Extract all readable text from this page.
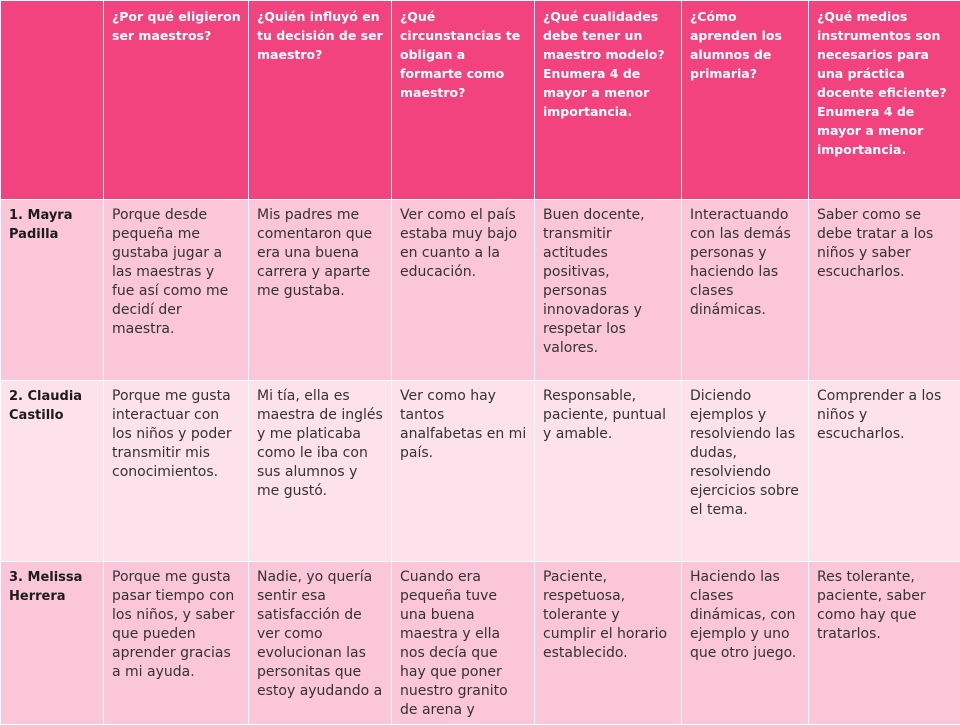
	¿Por qué eligieron ser maestros?	¿Quién influyó en tu decisión de ser maestro?	¿Qué circunstancias te obligan a formarte como maestro?	¿Qué cualidades debe tener un maestro modelo? Enumera 4 de mayor a menor importancia.	¿Cómo aprenden los alumnos de primaria?	¿Qué medios instrumentos son necesarios para una práctica docente eficiente? Enumera 4 de mayor a menor importancia.
1. Mayra Padilla	Porque desde pequeña me gustaba jugar a las maestras y fue así como me decidí der maestra.	Mis padres me comentaron que era una buena carrera y aparte me gustaba.	Ver como el país estaba muy bajo en cuanto a la educación.	Buen docente, transmitir actitudes positivas, personas innovadoras y respetar los valores.	Interactuando con las demás personas y haciendo las clases dinámicas.	Saber como se debe tratar a los niños y saber escucharlos.
2. Claudia Castillo	Porque me gusta interactuar con los niños y poder transmitir mis conocimientos.	Mi tía, ella es maestra de inglés y me platicaba como le iba con sus alumnos y me gustó.	Ver como hay tantos analfabetas en mi país.	Responsable, paciente, puntual y amable.	Diciendo ejemplos y resolviendo las dudas, resolviendo ejercicios sobre el tema.	Comprender a los niños y escucharlos.
3. Melissa Herrera	Porque me gusta pasar tiempo con los niños, y saber que pueden aprender gracias a mi ayuda.	Nadie, yo quería sentir esa satisfacción de ver como evolucionan las personitas que estoy ayudando a	Cuando era pequeña tuve una buena maestra y ella nos decía que hay que poner nuestro granito de arena y	Paciente, respetuosa, tolerante y cumplir el horario establecido.	Haciendo las clases dinámicas, con ejemplo y uno que otro juego.	Res tolerante, paciente, saber como hay que tratarlos.
